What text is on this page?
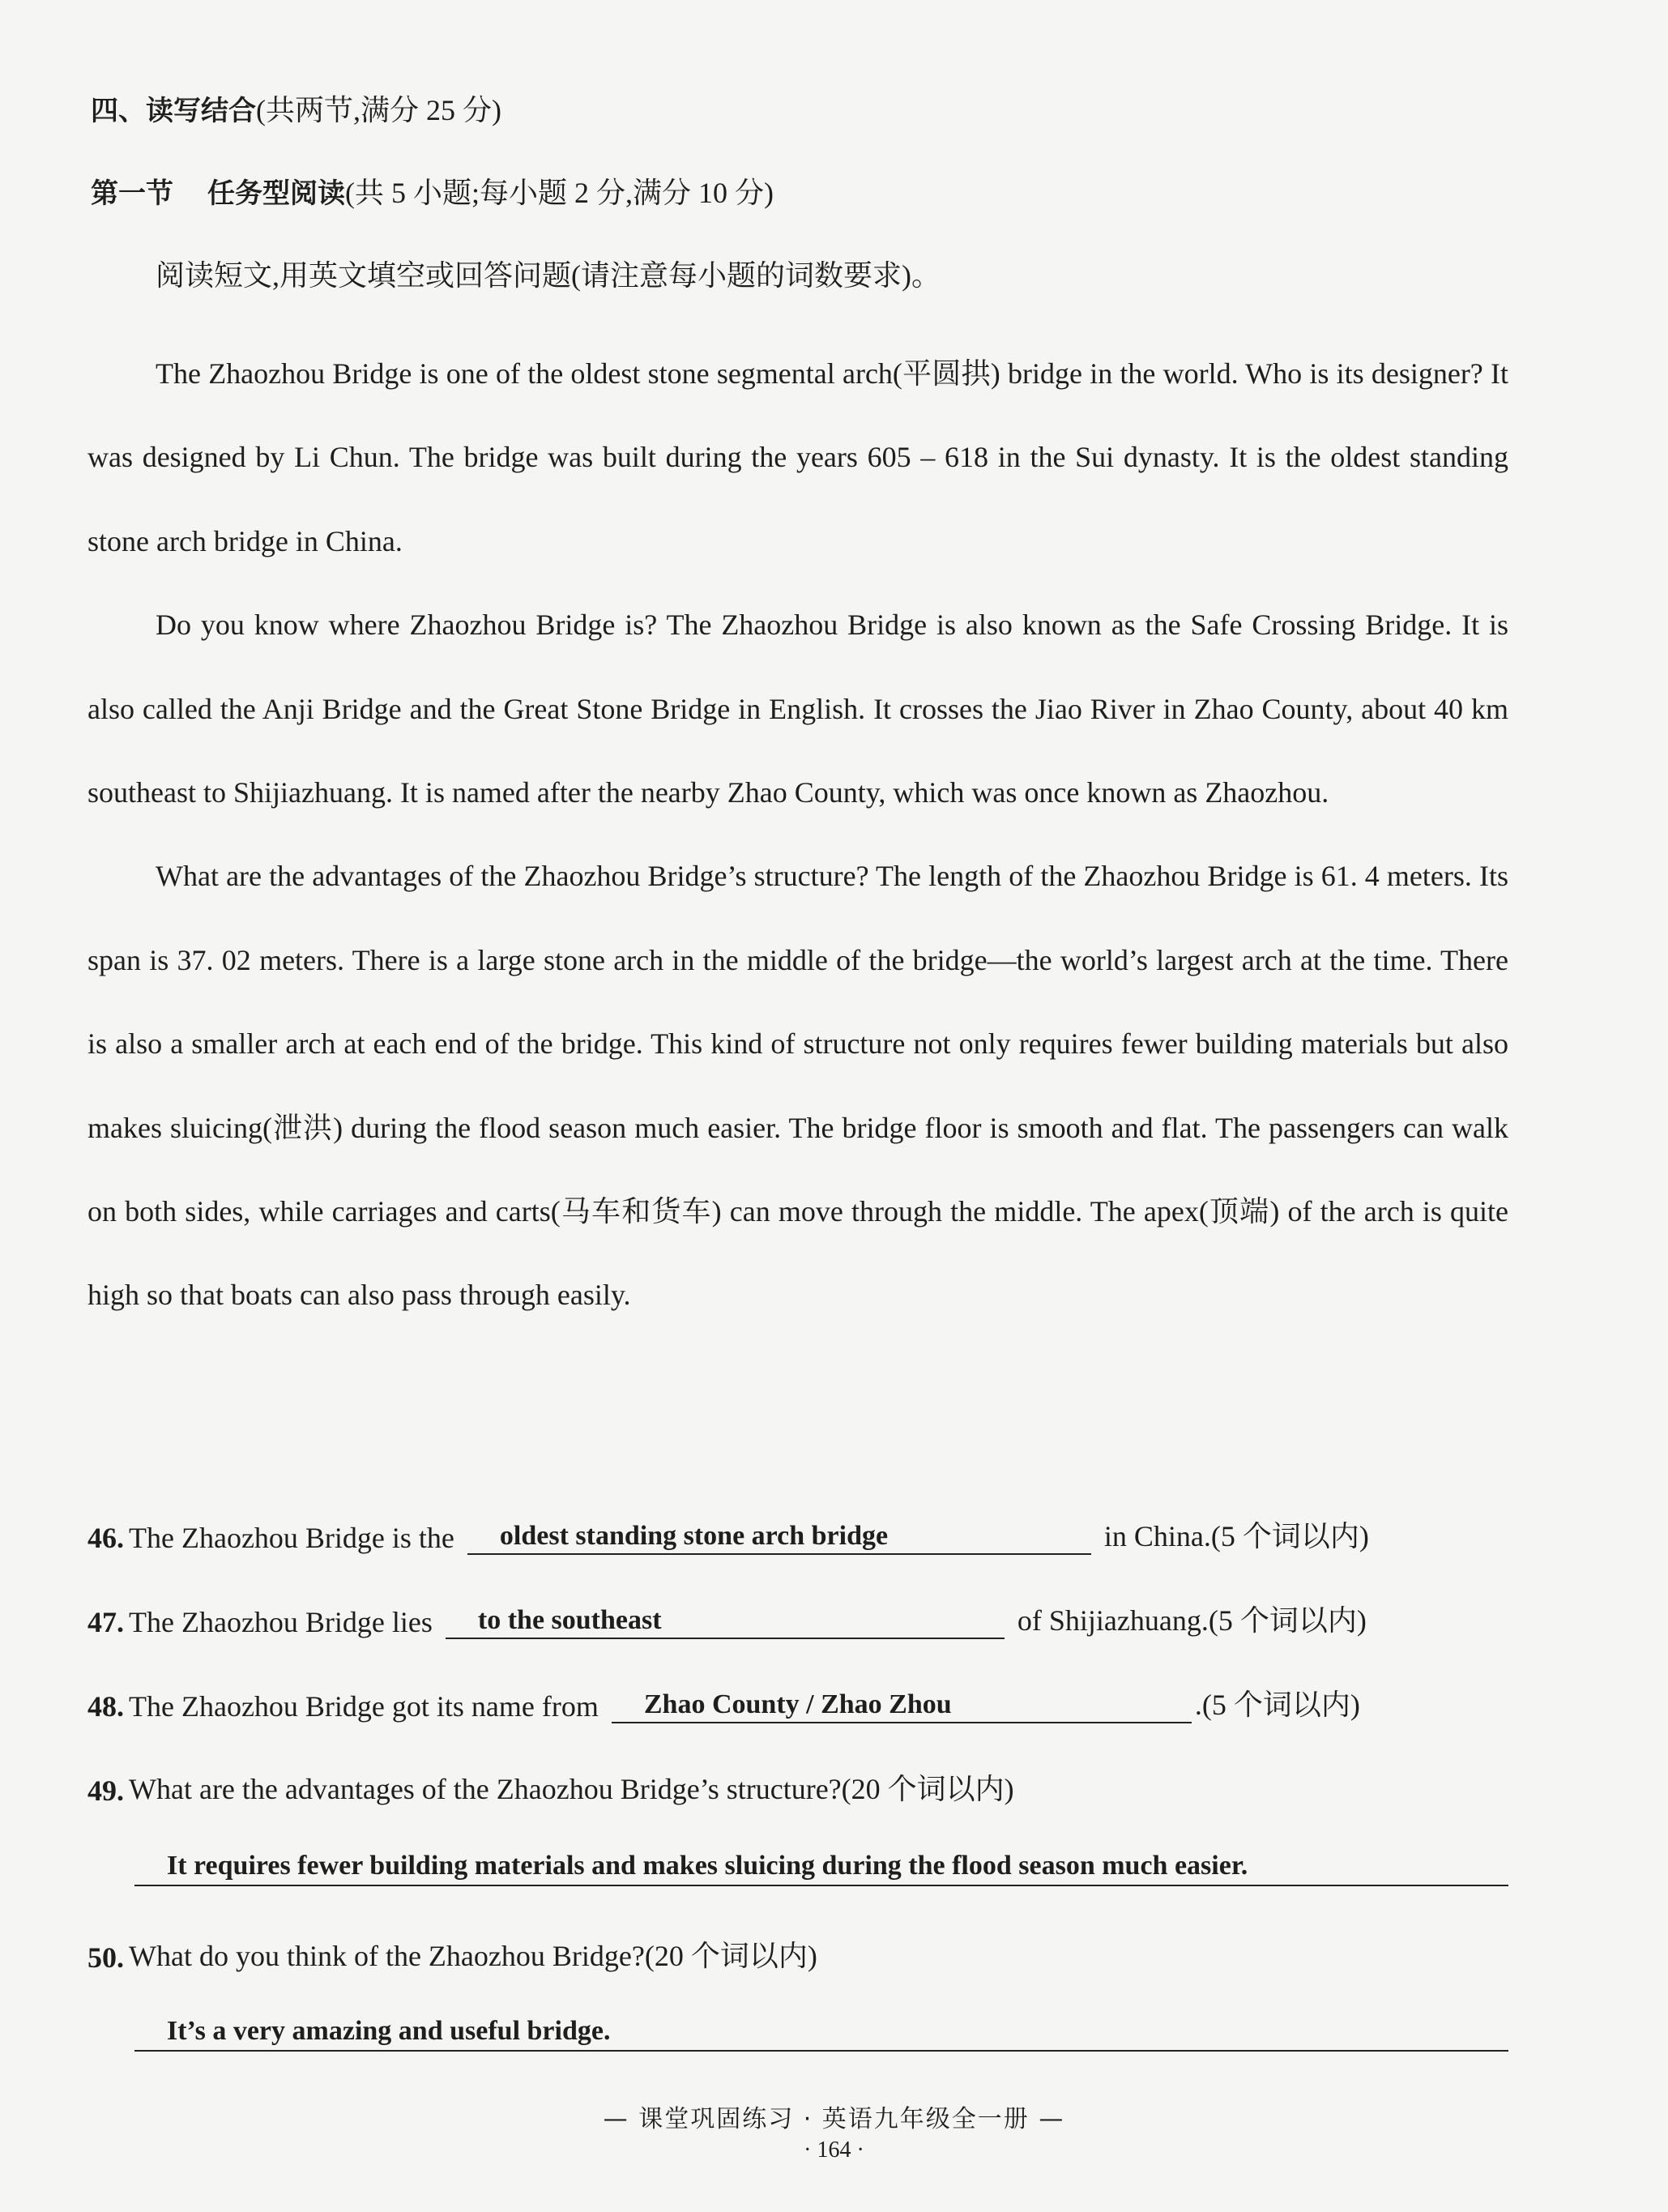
四、读写结合(共两节,满分 25 分)
第一节 任务型阅读(共 5 小题;每小题 2 分,满分 10 分)

阅读短文,用英文填空或回答问题(请注意每小题的词数要求)。

The Zhaozhou Bridge is one of the oldest stone segmental arch(平圆拱) bridge in the world. Who is its designer? It was designed by Li Chun. The bridge was built during the years 605 – 618 in the Sui dynasty. It is the oldest standing stone arch bridge in China.

Do you know where Zhaozhou Bridge is? The Zhaozhou Bridge is also known as the Safe Crossing Bridge. It is also called the Anji Bridge and the Great Stone Bridge in English. It crosses the Jiao River in Zhao County, about 40 km southeast to Shijiazhuang. It is named after the nearby Zhao County, which was once known as Zhaozhou.

What are the advantages of the Zhaozhou Bridge’s structure? The length of the Zhaozhou Bridge is 61. 4 meters. Its span is 37. 02 meters. There is a large stone arch in the middle of the bridge—the world’s largest arch at the time. There is also a smaller arch at each end of the bridge. This kind of structure not only requires fewer building materials but also makes sluicing(泄洪) during the flood season much easier. The bridge floor is smooth and flat. The passengers can walk on both sides, while carriages and carts(马车和货车) can move through the middle. The apex(顶端) of the arch is quite high so that boats can also pass through easily.

46. The Zhaozhou Bridge is the	oldest standing stone arch bridge	in China.(5 个词以内)
47. The Zhaozhou Bridge lies	to the southeast	of Shijiazhuang.(5 个词以内)
48. The Zhaozhou Bridge got its name from	Zhao County / Zhao Zhou	.(5 个词以内)
49. What are the advantages of the Zhaozhou Bridge’s structure?(20 个词以内)
It requires fewer building materials and makes sluicing during the flood season much easier.
50. What do you think of the Zhaozhou Bridge?(20 个词以内)
It’s a very amazing and useful bridge.

— 课堂巩固练习 · 英语九年级全一册 —

· 164 ·
